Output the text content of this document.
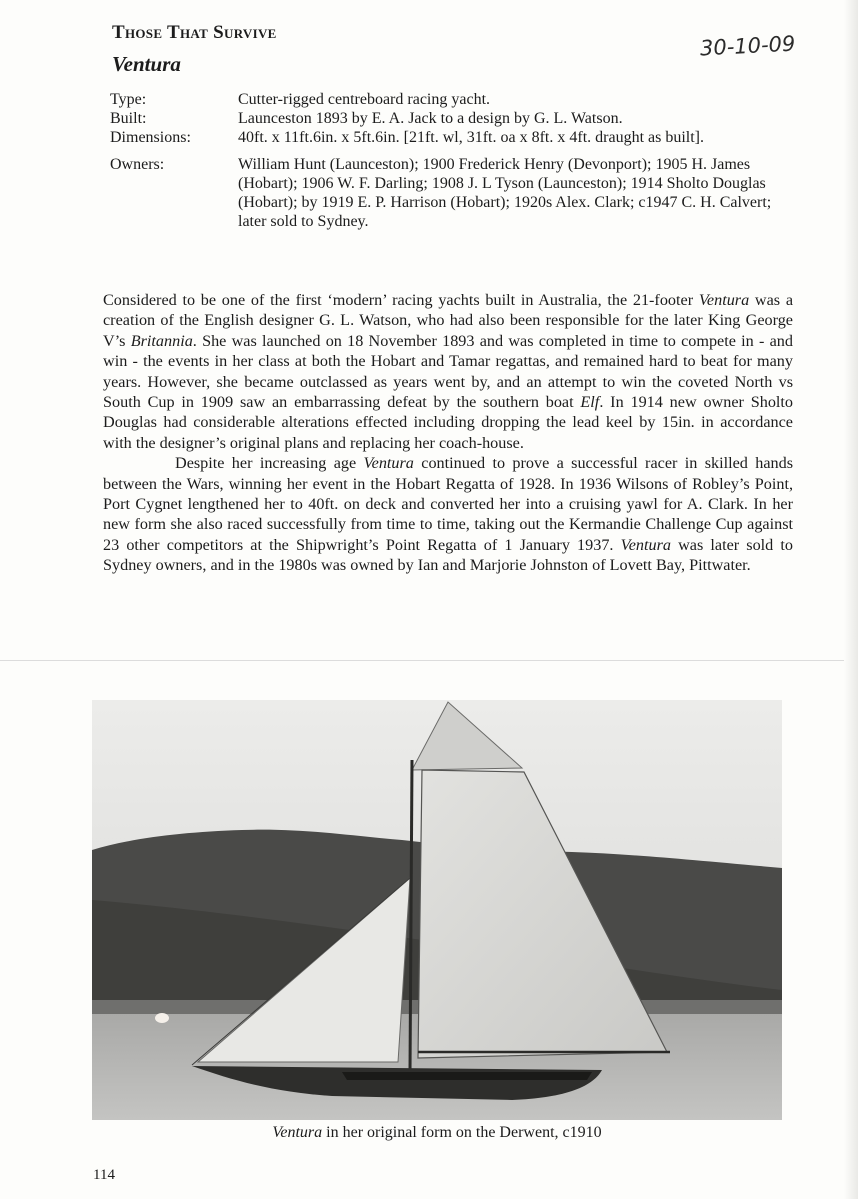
Those That Survive
Ventura
30-10-09
Type:	Cutter-rigged centreboard racing yacht.
Built:	Launceston 1893 by E. A. Jack to a design by G. L. Watson.
Dimensions:	40ft. x 11ft.6in. x 5ft.6in. [21ft. wl, 31ft. oa x 8ft. x 4ft. draught as built].
Owners:	William Hunt (Launceston); 1900 Frederick Henry (Devonport); 1905 H. James (Hobart); 1906 W. F. Darling; 1908 J. L Tyson (Launceston); 1914 Sholto Douglas (Hobart); by 1919 E. P. Harrison (Hobart); 1920s Alex. Clark; c1947 C. H. Calvert; later sold to Sydney.

Considered to be one of the first ‘modern’ racing yachts built in Australia, the 21-footer Ventura was a creation of the English designer G. L. Watson, who had also been responsible for the later King George V’s Britannia. She was launched on 18 November 1893 and was completed in time to compete in - and win - the events in her class at both the Hobart and Tamar regattas, and remained hard to beat for many years. However, she became outclassed as years went by, and an attempt to win the coveted North vs South Cup in 1909 saw an embarrassing defeat by the southern boat Elf. In 1914 new owner Sholto Douglas had considerable alterations effected including dropping the lead keel by 15in. in accordance with the designer’s original plans and replacing her coach-house.

Despite her increasing age Ventura continued to prove a successful racer in skilled hands between the Wars, winning her event in the Hobart Regatta of 1928. In 1936 Wilsons of Robley’s Point, Port Cygnet lengthened her to 40ft. on deck and converted her into a cruising yawl for A. Clark. In her new form she also raced successfully from time to time, taking out the Kermandie Challenge Cup against 23 other competitors at the Shipwright’s Point Regatta of 1 January 1937. Ventura was later sold to Sydney owners, and in the 1980s was owned by Ian and Marjorie Johnston of Lovett Bay, Pittwater.

Ventura in her original form on the Derwent, c1910
114
